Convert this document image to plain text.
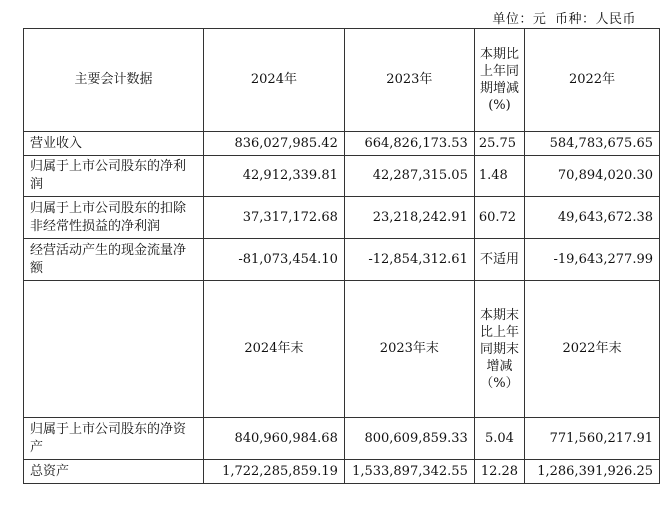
单位：元 币种：人民币
主要会计数据	2024年	2023年	本期比上年同期增减(%)	2022年
营业收入	836,027,985.42	664,826,173.53	25.75	584,783,675.65
归属于上市公司股东的净利润	42,912,339.81	42,287,315.05	1.48	70,894,020.30
归属于上市公司股东的扣除非经常性损益的净利润	37,317,172.68	23,218,242.91	60.72	49,643,672.38
经营活动产生的现金流量净额	-81,073,454.10	-12,854,312.61	不适用	-19,643,277.99
	2024年末	2023年末	本期末比上年同期末增减（%）	2022年末
归属于上市公司股东的净资产	840,960,984.68	800,609,859.33	5.04	771,560,217.91
总资产	1,722,285,859.19	1,533,897,342.55	12.28	1,286,391,926.25
